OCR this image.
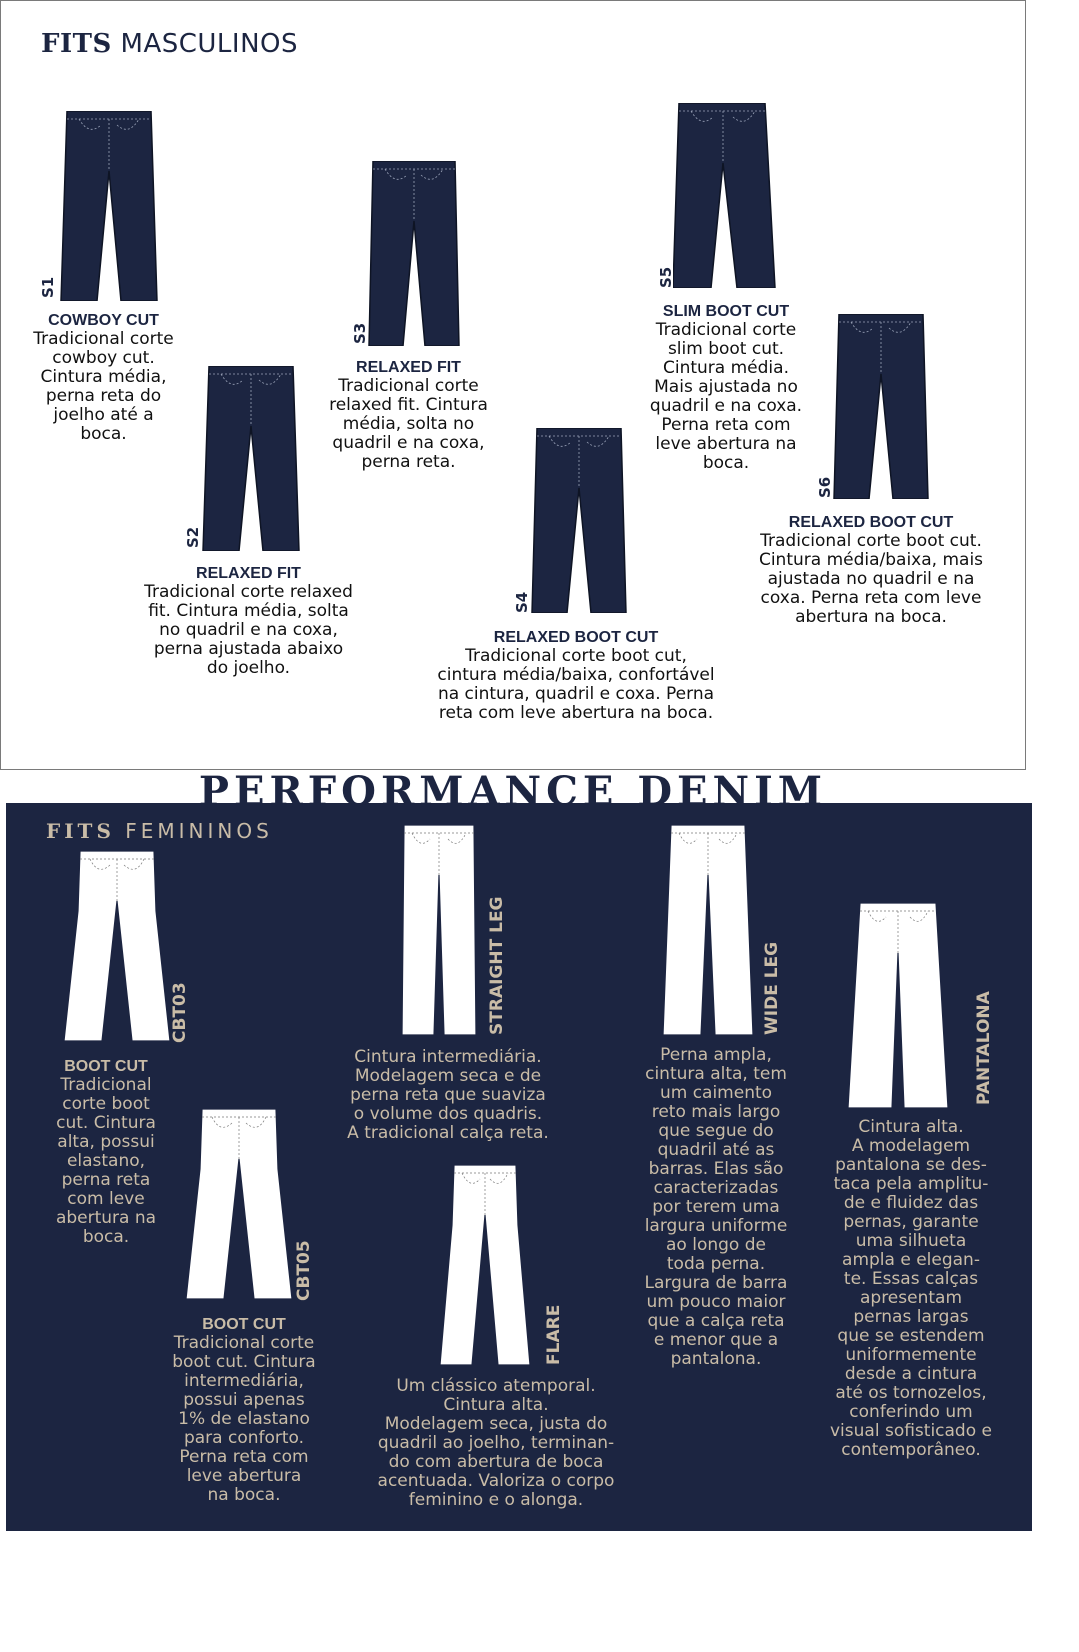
FITS MASCULINOS
S1
COWBOY CUT
Tradicional corte
cowboy cut.
Cintura média,
perna reta do
joelho até a
boca.
S2
RELAXED FIT
Tradicional corte relaxed
fit. Cintura média, solta
no quadril e na coxa,
perna ajustada abaixo
do joelho.
S3
RELAXED FIT
Tradicional corte
relaxed fit. Cintura
média, solta no
quadril e na coxa,
perna reta.
S4
RELAXED BOOT CUT
Tradicional corte boot cut,
cintura média/baixa, confortável
na cintura, quadril e coxa. Perna
reta com leve abertura na boca.
S5
SLIM BOOT CUT
Tradicional corte
slim boot cut.
Cintura média.
Mais ajustada no
quadril e na coxa.
Perna reta com
leve abertura na
boca.
S6
RELAXED BOOT CUT
Tradicional corte boot cut.
Cintura média/baixa, mais
ajustada no quadril e na
coxa. Perna reta com leve
abertura na boca.
PERFORMANCE DENIM
FITS FEMININOS
CBT03
BOOT CUT
Tradicional
corte boot
cut. Cintura
alta, possui
elastano,
perna reta
com leve
abertura na
boca.
CBT05
BOOT CUT
Tradicional corte
boot cut. Cintura
intermediária,
possui apenas
1% de elastano
para conforto.
Perna reta com
leve abertura
na boca.
STRAIGHT LEG
Cintura intermediária.
Modelagem seca e de
perna reta que suaviza
o volume dos quadris.
A tradicional calça reta.
FLARE
Um clássico atemporal.
Cintura alta.
Modelagem seca, justa do
quadril ao joelho, terminan-
do com abertura de boca
acentuada. Valoriza o corpo
feminino e o alonga.
WIDE LEG
Perna ampla,
cintura alta, tem
um caimento
reto mais largo
que segue do
quadril até as
barras. Elas são
caracterizadas
por terem uma
largura uniforme
ao longo de
toda perna.
Largura de barra
um pouco maior
que a calça reta
e menor que a
pantalona.
PANTALONA
Cintura alta.
A modelagem
pantalona se des-
taca pela amplitu-
de e fluidez das
pernas, garante
uma silhueta
ampla e elegan-
te. Essas calças
apresentam
pernas largas
que se estendem
uniformemente
desde a cintura
até os tornozelos,
conferindo um
visual sofisticado e
contemporâneo.
